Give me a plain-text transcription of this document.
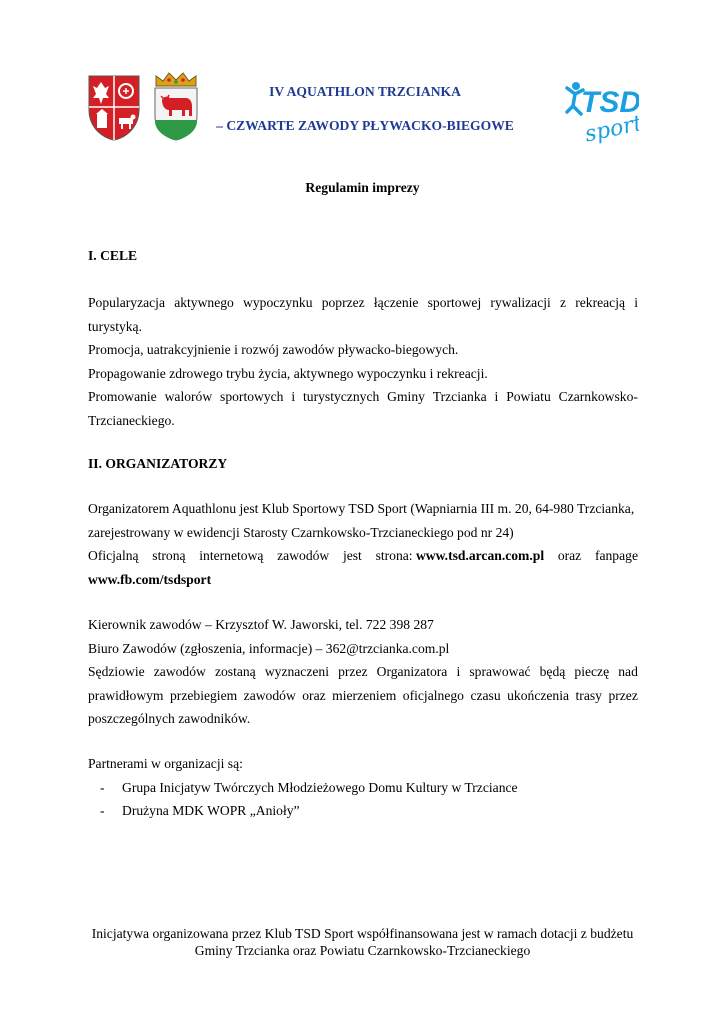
IV AQUATHLON TRZCIANKA
– CZWARTE ZAWODY PŁYWACKO-BIEGOWE
TSD
sport
Regulamin imprezy
I. CELE
Popularyzacja aktywnego wypoczynku poprzez łączenie sportowej rywalizacji z rekreacją i turystyką.
Promocja, uatrakcyjnienie i rozwój zawodów pływacko-biegowych.
Propagowanie zdrowego trybu życia, aktywnego wypoczynku i rekreacji.
Promowanie walorów sportowych i turystycznych Gminy Trzcianka i Powiatu Czarnkowsko-
Trzcianeckiego.
II. ORGANIZATORZY
Organizatorem Aquathlonu jest Klub Sportowy TSD Sport (Wapniarnia III m. 20, 64-980 Trzcianka,
zarejestrowany w ewidencji Starosty Czarnkowsko-Trzcianeckiego pod nr 24)
Oficjalną stroną internetową zawodów jest strona: www.tsd.arcan.com.pl oraz fanpage
www.fb.com/tsdsport
Kierownik zawodów – Krzysztof W. Jaworski, tel. 722 398 287
Biuro Zawodów (zgłoszenia, informacje) – 362@trzcianka.com.pl
Sędziowie zawodów zostaną wyznaczeni przez Organizatora i sprawować będą pieczę nad
prawidłowym przebiegiem zawodów oraz mierzeniem oficjalnego czasu ukończenia trasy przez
poszczególnych zawodników.
Partnerami w organizacji są:
- Grupa Inicjatyw Twórczych Młodzieżowego Domu Kultury w Trzciance
- Drużyna MDK WOPR „Anioły”
Inicjatywa organizowana przez Klub TSD Sport współfinansowana jest w ramach dotacji z budżetu
Gminy Trzcianka oraz Powiatu Czarnkowsko-Trzcianeckiego
